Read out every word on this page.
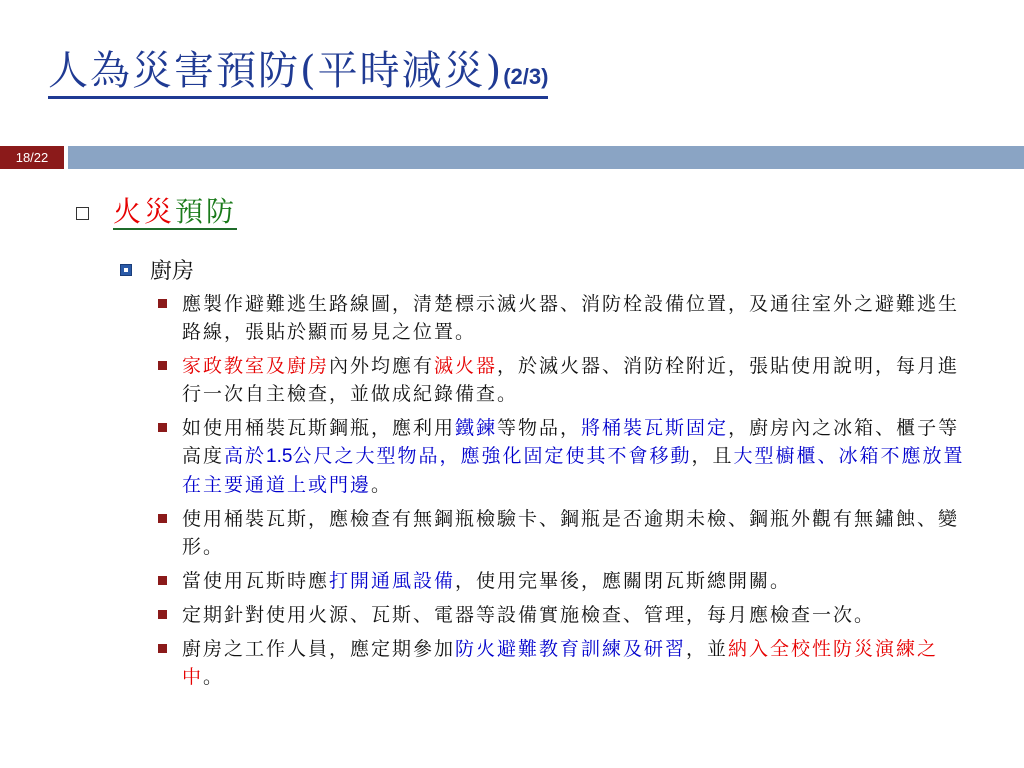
人為災害預防(平時減災)(2/3)
18/22
火災預防
廚房
應製作避難逃生路線圖，清楚標示滅火器、消防栓設備位置，及通往室外之避難逃生路線，張貼於顯而易見之位置。
家政教室及廚房內外均應有滅火器，於滅火器、消防栓附近，張貼使用說明，每月進行一次自主檢查，並做成紀錄備查。
如使用桶裝瓦斯鋼瓶，應利用鐵鍊等物品，將桶裝瓦斯固定，廚房內之冰箱、櫃子等高度高於1.5公尺之大型物品，應強化固定使其不會移動，且大型櫥櫃、冰箱不應放置在主要通道上或門邊。
使用桶裝瓦斯，應檢查有無鋼瓶檢驗卡、鋼瓶是否逾期未檢、鋼瓶外觀有無鏽蝕、變形。
當使用瓦斯時應打開通風設備，使用完畢後，應關閉瓦斯總開關。
定期針對使用火源、瓦斯、電器等設備實施檢查、管理，每月應檢查一次。
廚房之工作人員，應定期參加防火避難教育訓練及研習，並納入全校性防災演練之中。
